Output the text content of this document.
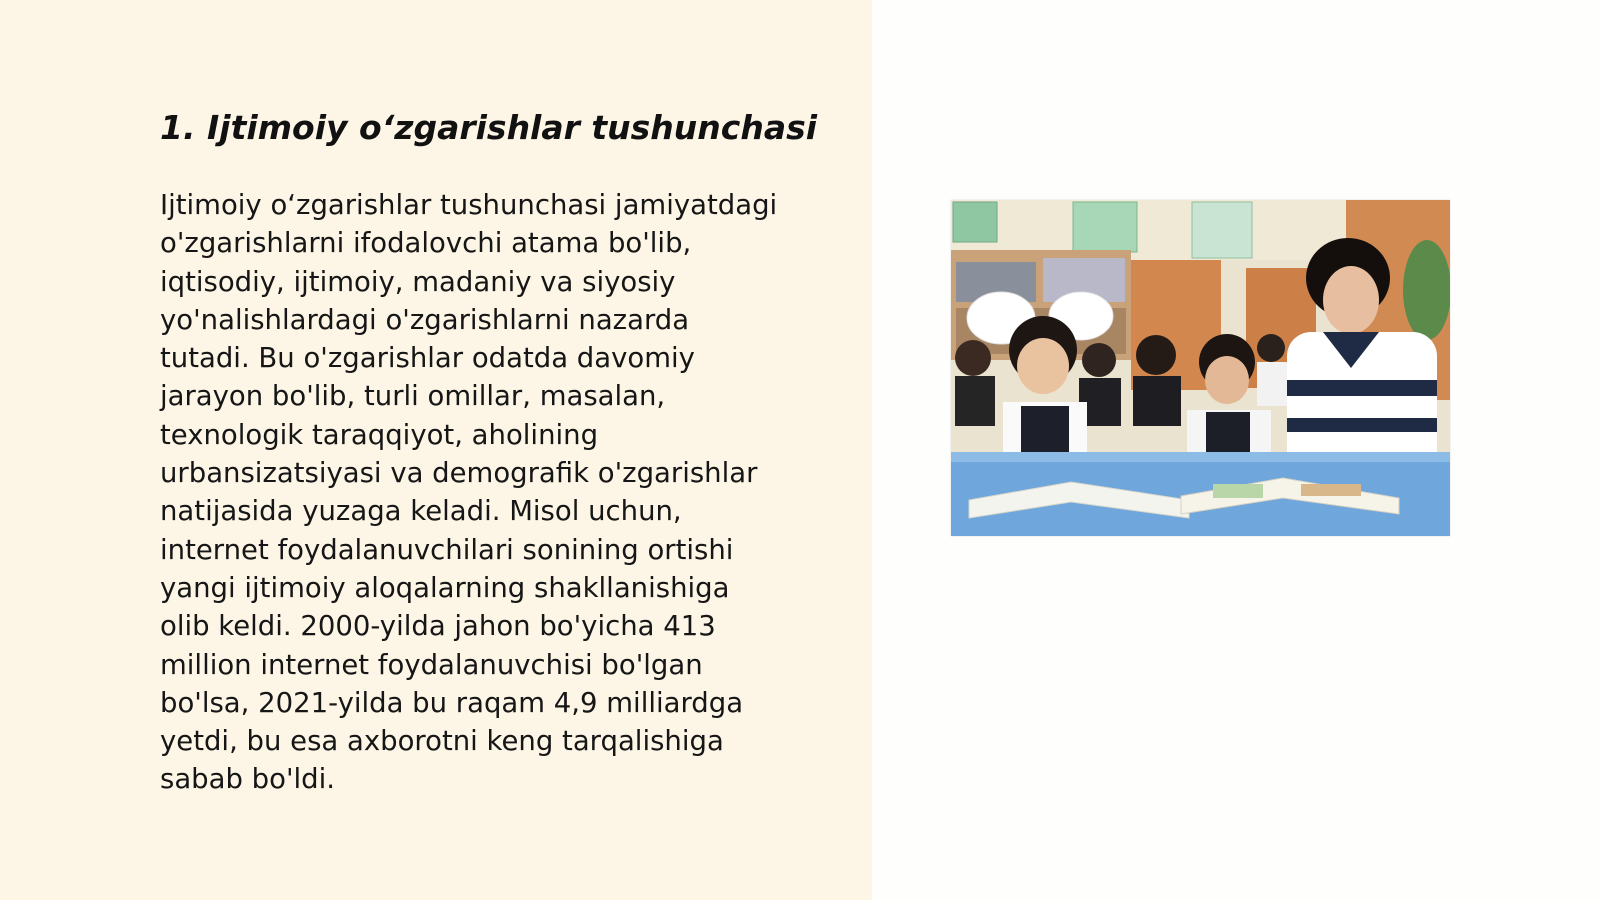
1. Ijtimoiy o‘zgarishlar tushunchasi
Ijtimoiy o‘zgarishlar tushunchasi jamiyatdagi
o'zgarishlarni ifodalovchi atama bo'lib,
iqtisodiy, ijtimoiy, madaniy va siyosiy
yo'nalishlardagi o'zgarishlarni nazarda
tutadi. Bu o'zgarishlar odatda davomiy
jarayon bo'lib, turli omillar, masalan,
texnologik taraqqiyot, aholining
urbansizatsiyasi va demografik o'zgarishlar
natijasida yuzaga keladi. Misol uchun,
internet foydalanuvchilari sonining ortishi
yangi ijtimoiy aloqalarning shakllanishiga
olib keldi. 2000-yilda jahon bo'yicha 413
million internet foydalanuvchisi bo'lgan
bo'lsa, 2021-yilda bu raqam 4,9 milliardga
yetdi, bu esa axborotni keng tarqalishiga
sabab bo'ldi.
